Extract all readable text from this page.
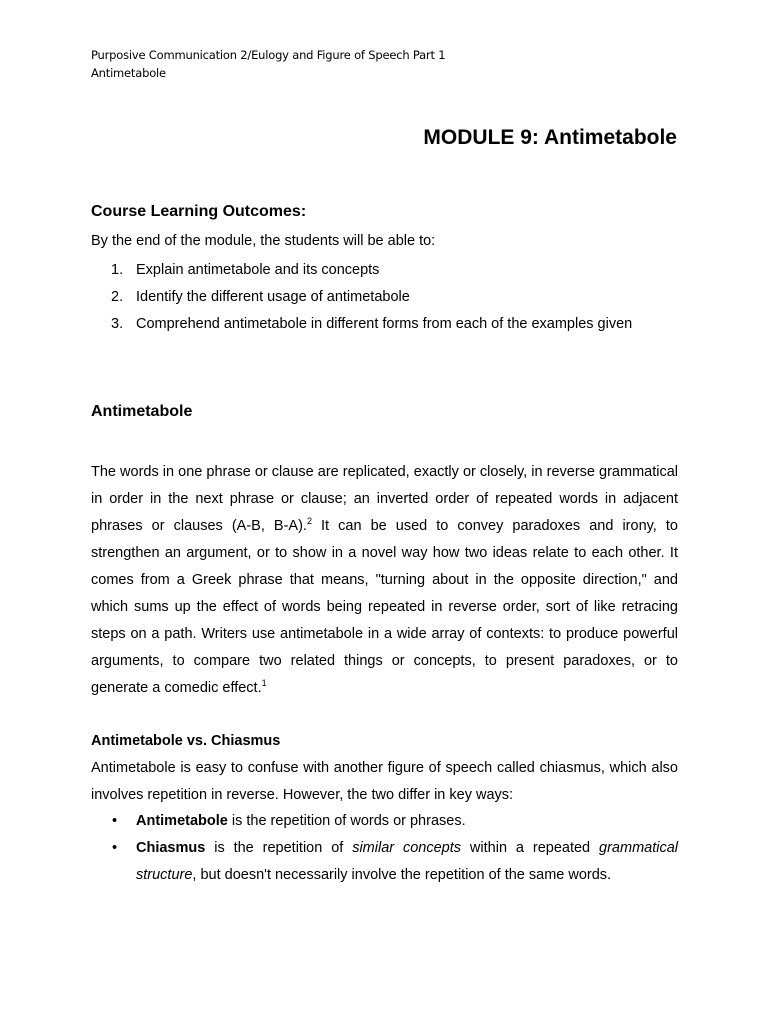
Purposive Communication 2/Eulogy and Figure of Speech Part 1
Antimetabole
MODULE 9: Antimetabole
Course Learning Outcomes:
By the end of the module, the students will be able to:
1. Explain antimetabole and its concepts
2. Identify the different usage of antimetabole
3. Comprehend antimetabole in different forms from each of the examples given
Antimetabole

The words in one phrase or clause are replicated, exactly or closely, in reverse grammatical in order in the next phrase or clause; an inverted order of repeated words in adjacent phrases or clauses (A-B, B-A).$^2$ It can be used to convey paradoxes and irony, to strengthen an argument, or to show in a novel way how two ideas relate to each other. It comes from a Greek phrase that means, "turning about in the opposite direction," and which sums up the effect of words being repeated in reverse order, sort of like retracing steps on a path. Writers use antimetabole in a wide array of contexts: to produce powerful arguments, to compare two related things or concepts, to present paradoxes, or to generate a comedic effect.$^1$

Antimetabole vs. Chiasmus

Antimetabole is easy to confuse with another figure of speech called chiasmus, which also involves repetition in reverse. However, the two differ in key ways:

•	Antimetabole is the repetition of words or phrases.
•	Chiasmus is the repetition of similar concepts within a repeated grammatical structure, but doesn't necessarily involve the repetition of the same words.
